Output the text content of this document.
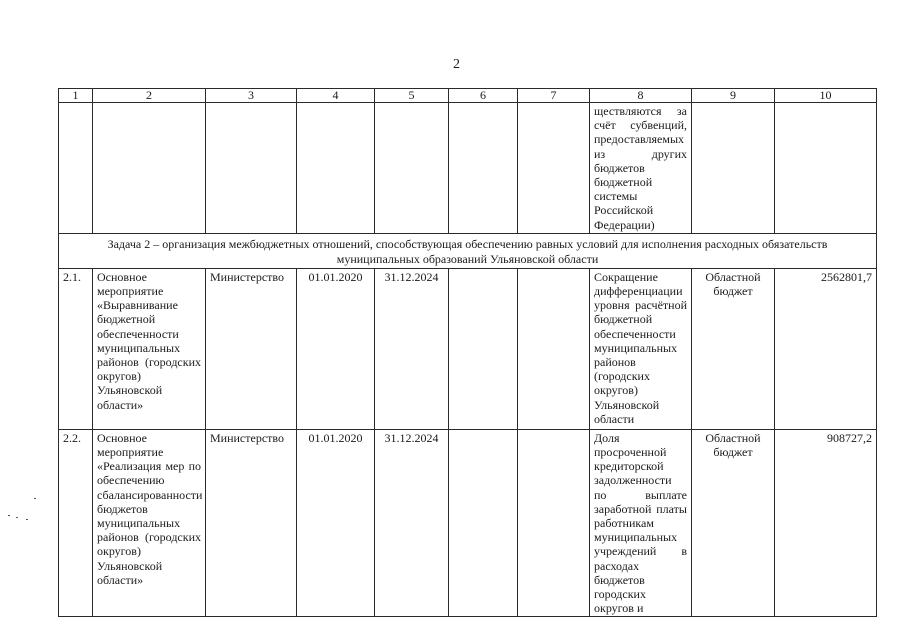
2
1	2	3	4	5	6	7	8	9	10
							ществляются за счёт субвенций, предоставляемых из других бюджетов бюджетной системы Российской Федерации)		
Задача 2 – организация межбюджетных отношений, способствующая обеспечению равных условий для исполнения расходных обязательств муниципальных образований Ульяновской области									
2.1.	Основное мероприятие «Выравнивание бюджетной обеспеченности муниципальных районов (городских округов) Ульяновской области»	Министерство	01.01.2020	31.12.2024			Сокращение дифференциации уровня расчётной бюджетной обеспеченности муниципальных районов (городских округов) Ульяновской области	Областной бюджет	2562801,7
2.2.	Основное мероприятие «Реализация мер по обеспечению сбалансированности бюджетов муниципальных районов (городских округов) Ульяновской области»	Министерство	01.01.2020	31.12.2024			Доля просроченной кредиторской задолженности по выплате заработной платы работникам муниципальных учреждений в расходах бюджетов городских округов и	Областной бюджет	908727,2
